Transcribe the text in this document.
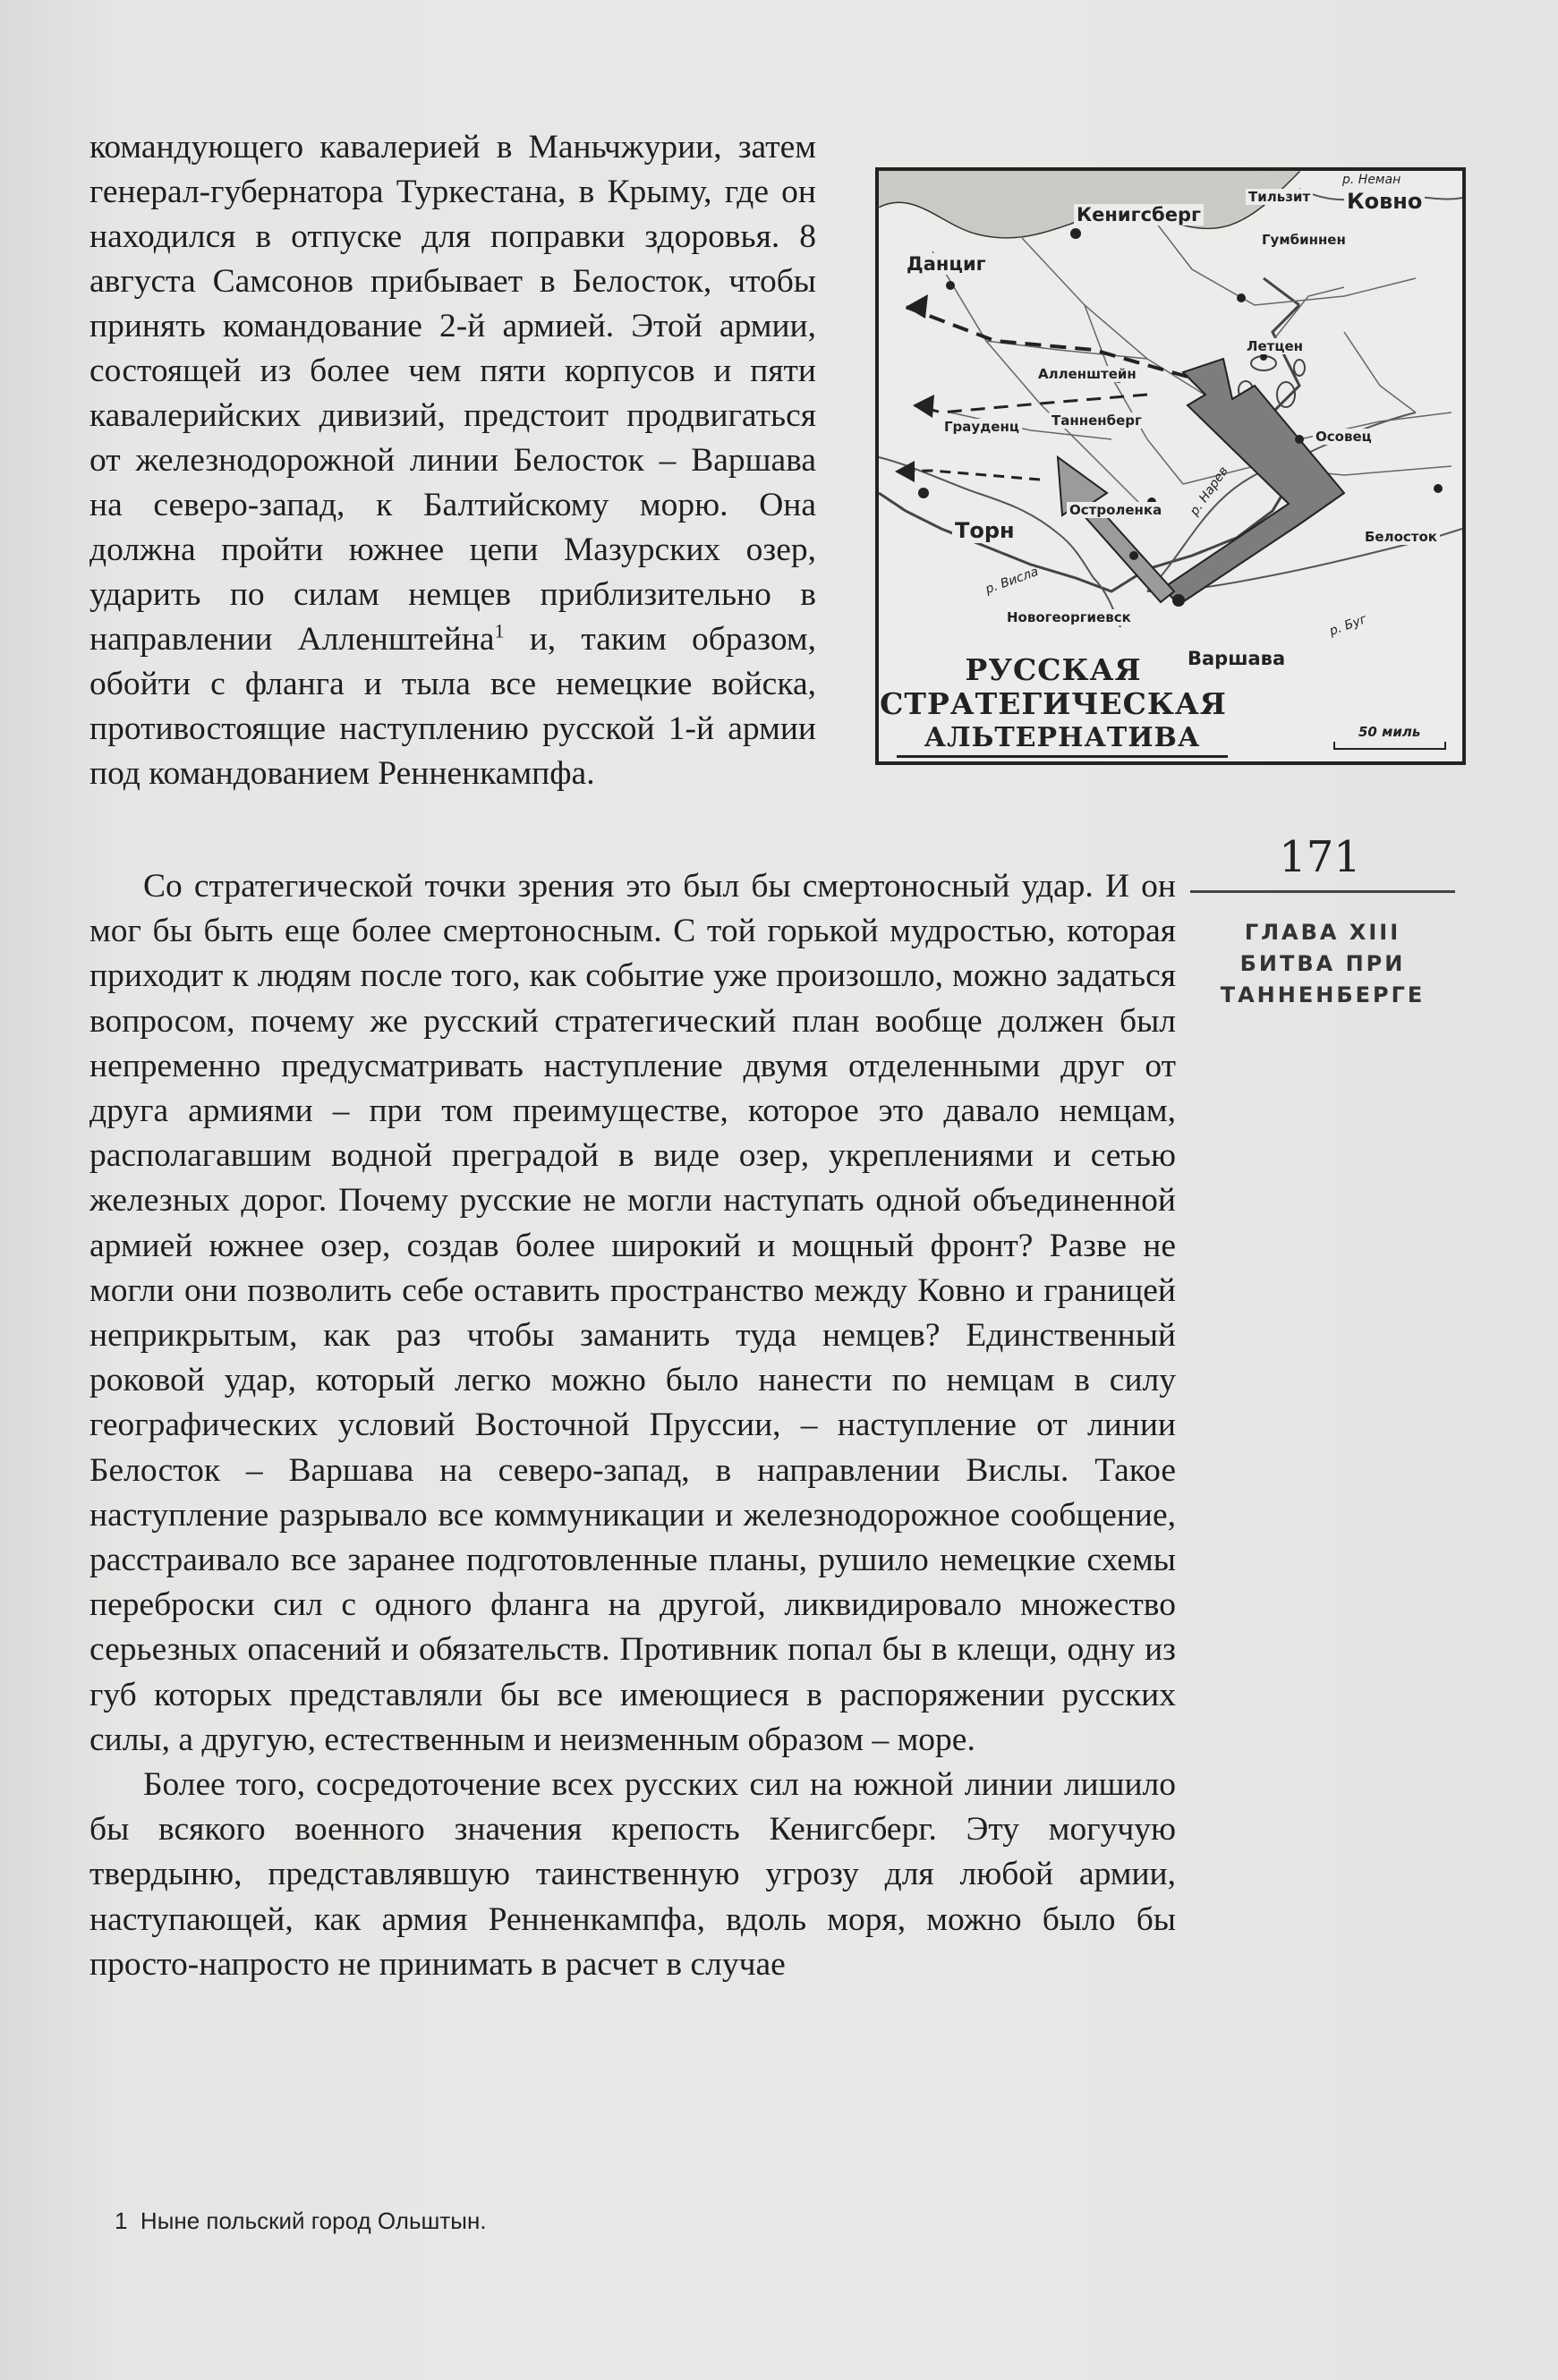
командующего кавалерией в Маньчжурии, затем генерал-губернатора Туркестана, в Крыму, где он находился в отпуске для поправки здоровья. 8 августа Самсонов прибывает в Белосток, чтобы принять командование 2-й армией. Этой армии, состоящей из более чем пяти корпусов и пяти кавалерийских дивизий, предстоит продвигаться от железнодорожной линии Белосток – Варшава на северо-запад, к Балтийскому морю. Она должна пройти южнее цепи Мазурских озер, ударить по силам немцев приблизительно в направлении Алленштейна$^1$ и, таким образом, обойти с фланга и тыла все немецкие войска, противостоящие наступлению русской 1-й армии под командованием Ренненкампфа.

Кенигсберг
Тильзит
р. Неман
Ковно
Гумбиннен
Данциг
Летцен
Алленштейн
Танненберг
Грауденц
Осовец
Торн
Остроленка р. Нарев
Белосток
р. Висла
Новогеоргиевск	р. Буг
Варшава
РУССКАЯ
СТРАТЕГИЧЕСКАЯ
АЛЬТЕРНАТИВА	50 миль
171
ГЛАВА XIII
БИТВА ПРИ
ТАННЕНБЕРГЕ

Со стратегической точки зрения это был бы смертоносный удар. И он мог бы быть еще более смертоносным. С той горькой мудростью, которая приходит к людям после того, как событие уже произошло, можно задаться вопросом, почему же русский стратегический план вообще должен был непременно предусматривать наступление двумя отделенными друг от друга армиями – при том преимуществе, которое это давало немцам, располагавшим водной преградой в виде озер, укреплениями и сетью железных дорог. Почему русские не могли наступать одной объединенной армией южнее озер, создав более широкий и мощный фронт? Разве не могли они позволить себе оставить пространство между Ковно и границей неприкрытым, как раз чтобы заманить туда немцев? Единственный роковой удар, который легко можно было нанести по немцам в силу географических условий Восточной Пруссии, – наступление от линии Белосток – Варшава на северо-запад, в направлении Вислы. Такое наступление разрывало все коммуникации и железнодорожное сообщение, расстраивало все заранее подготовленные планы, рушило немецкие схемы переброски сил с одного фланга на другой, ликвидировало множество серьезных опасений и обязательств. Противник попал бы в клещи, одну из губ которых представляли бы все имеющиеся в распоряжении русских силы, а другую, естественным и неизменным образом – море.

Более того, сосредоточение всех русских сил на южной линии лишило бы всякого военного значения крепость Кенигсберг. Эту могучую твердыню, представлявшую таинственную угрозу для любой армии, наступающей, как армия Ренненкампфа, вдоль моря, можно было бы просто-напросто не принимать в расчет в случае

1 Ныне польский город Ольштын.
